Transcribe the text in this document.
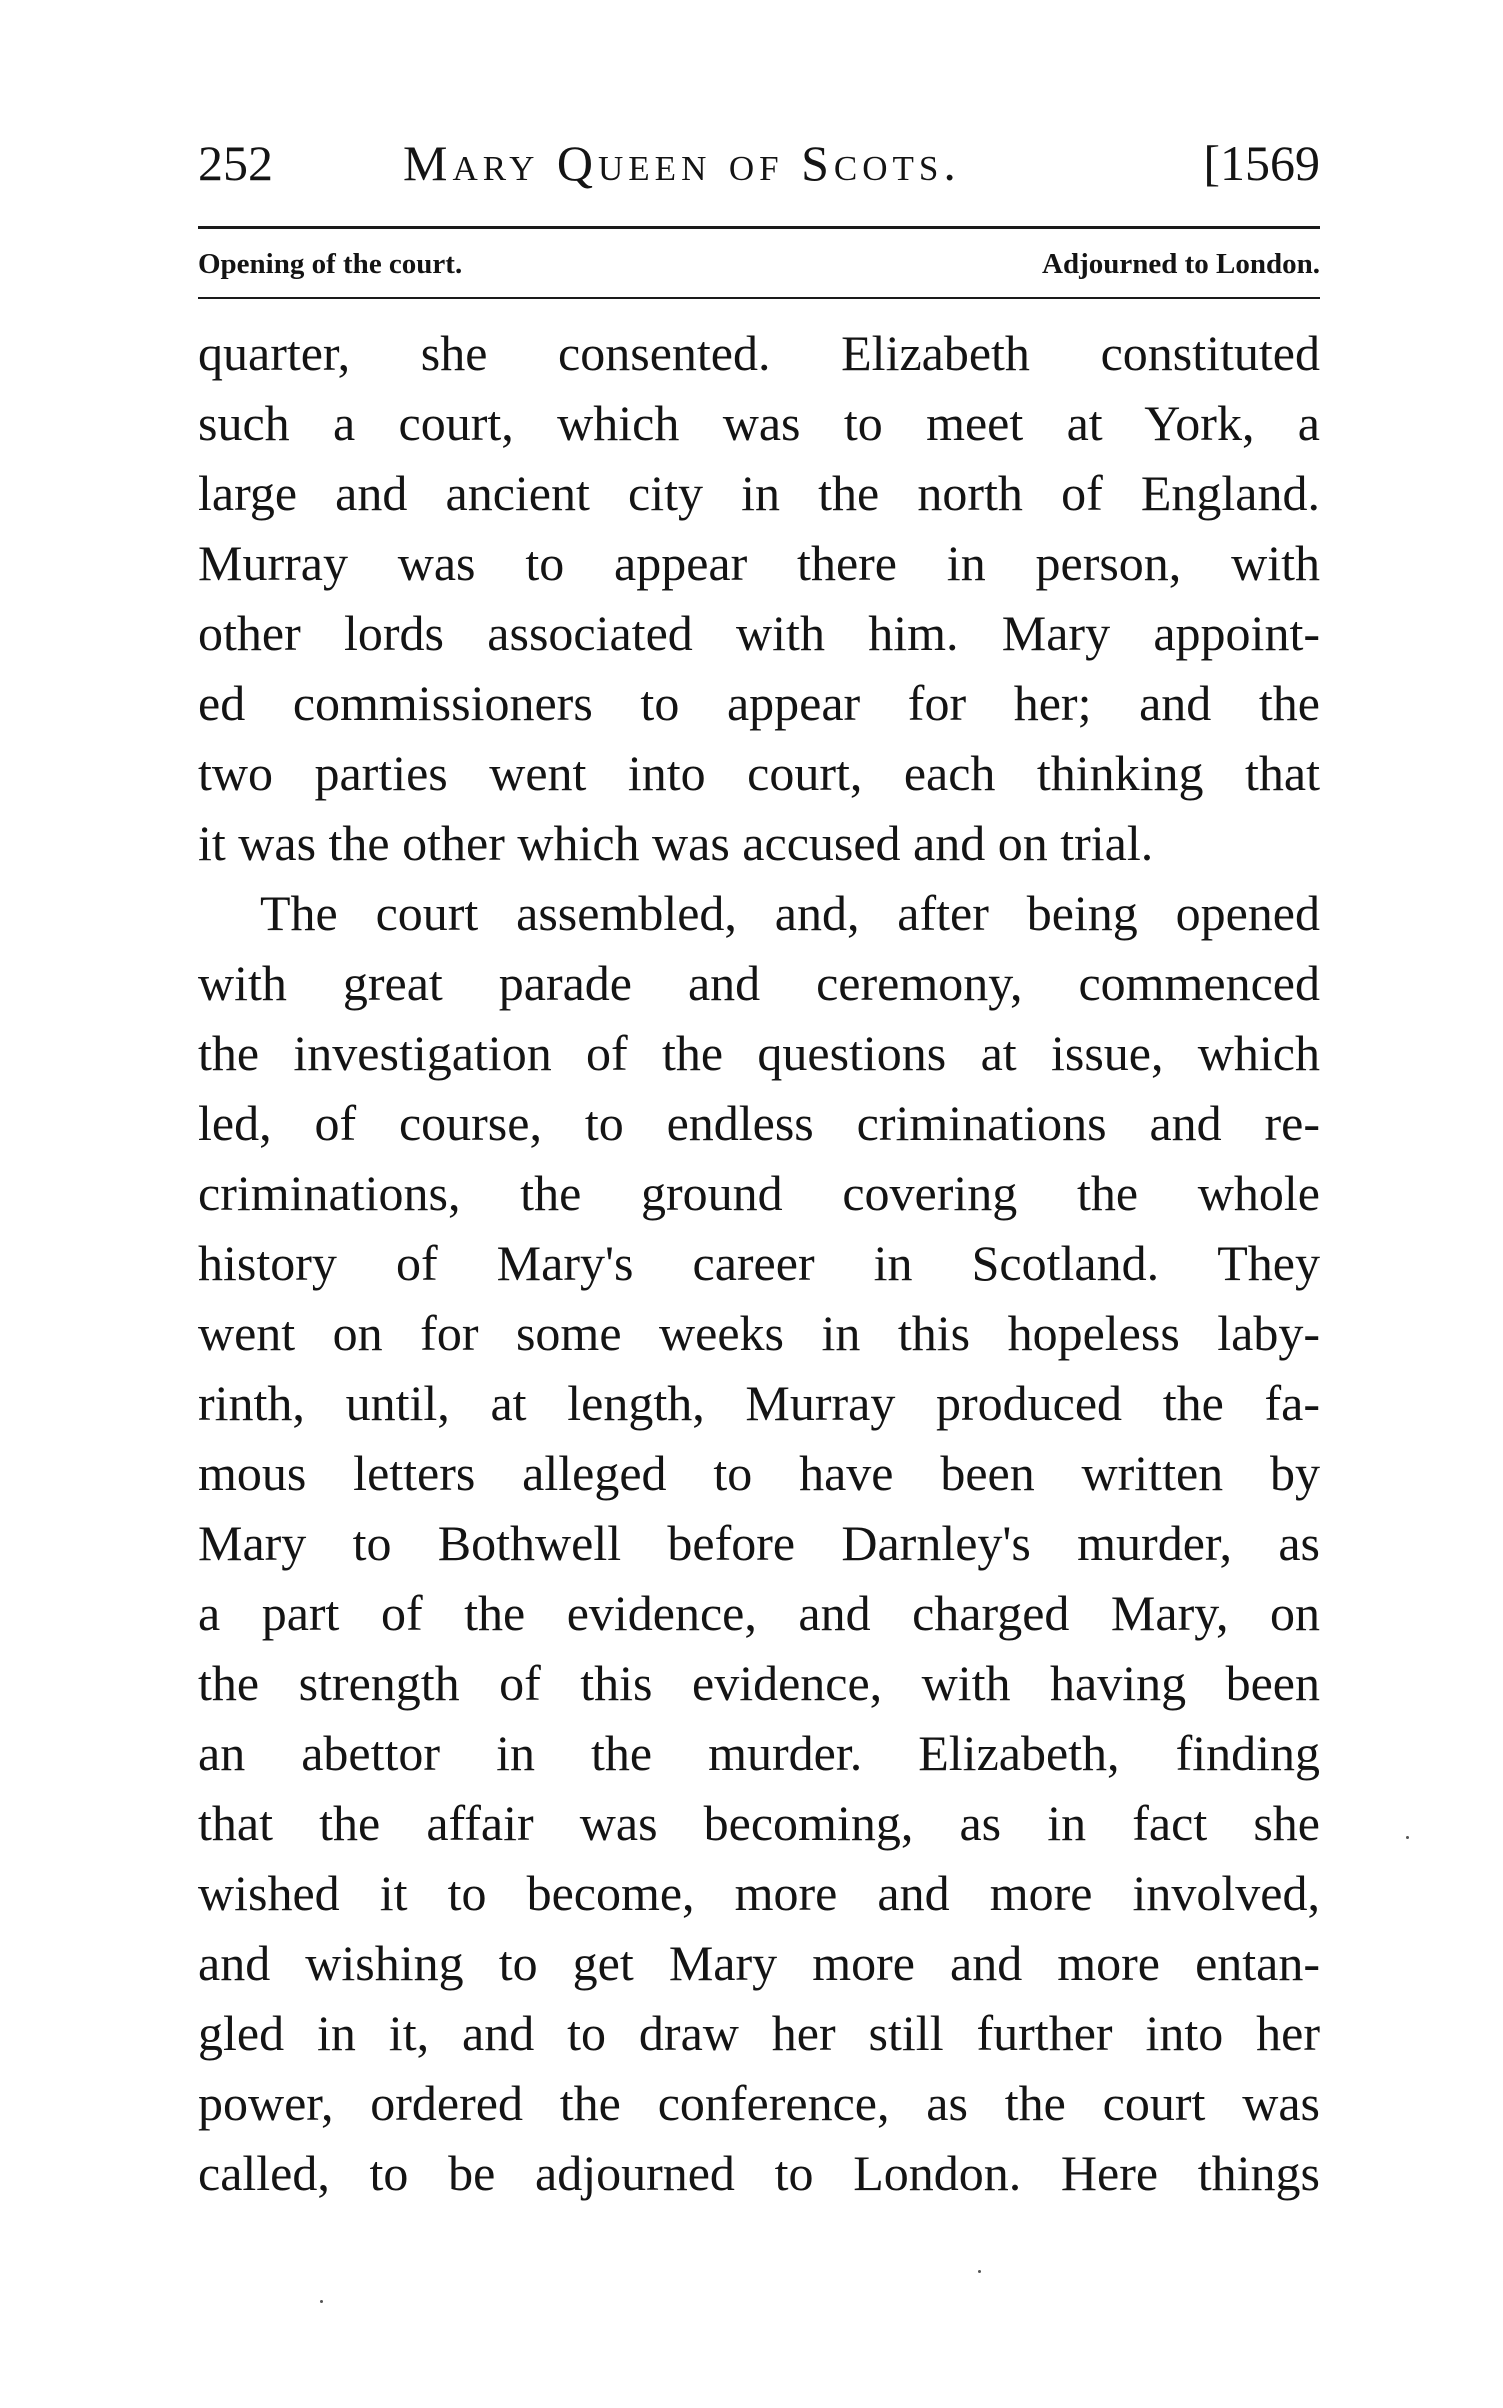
252	Mary Queen of Scots.	[1569
Opening of the court.	Adjourned to London.
quarter, she consented. Elizabeth constituted
such a court, which was to meet at York, a
large and ancient city in the north of England.
Murray was to appear there in person, with
other lords associated with him. Mary appoint-
ed commissioners to appear for her; and the
two parties went into court, each thinking that
it was the other which was accused and on trial.
The court assembled, and, after being opened
with great parade and ceremony, commenced
the investigation of the questions at issue, which
led, of course, to endless criminations and re-
criminations, the ground covering the whole
history of Mary's career in Scotland. They
went on for some weeks in this hopeless laby-
rinth, until, at length, Murray produced the fa-
mous letters alleged to have been written by
Mary to Bothwell before Darnley's murder, as
a part of the evidence, and charged Mary, on
the strength of this evidence, with having been
an abettor in the murder. Elizabeth, finding
that the affair was becoming, as in fact she
wished it to become, more and more involved,
and wishing to get Mary more and more entan-
gled in it, and to draw her still further into her
power, ordered the conference, as the court was
called, to be adjourned to London. Here things
